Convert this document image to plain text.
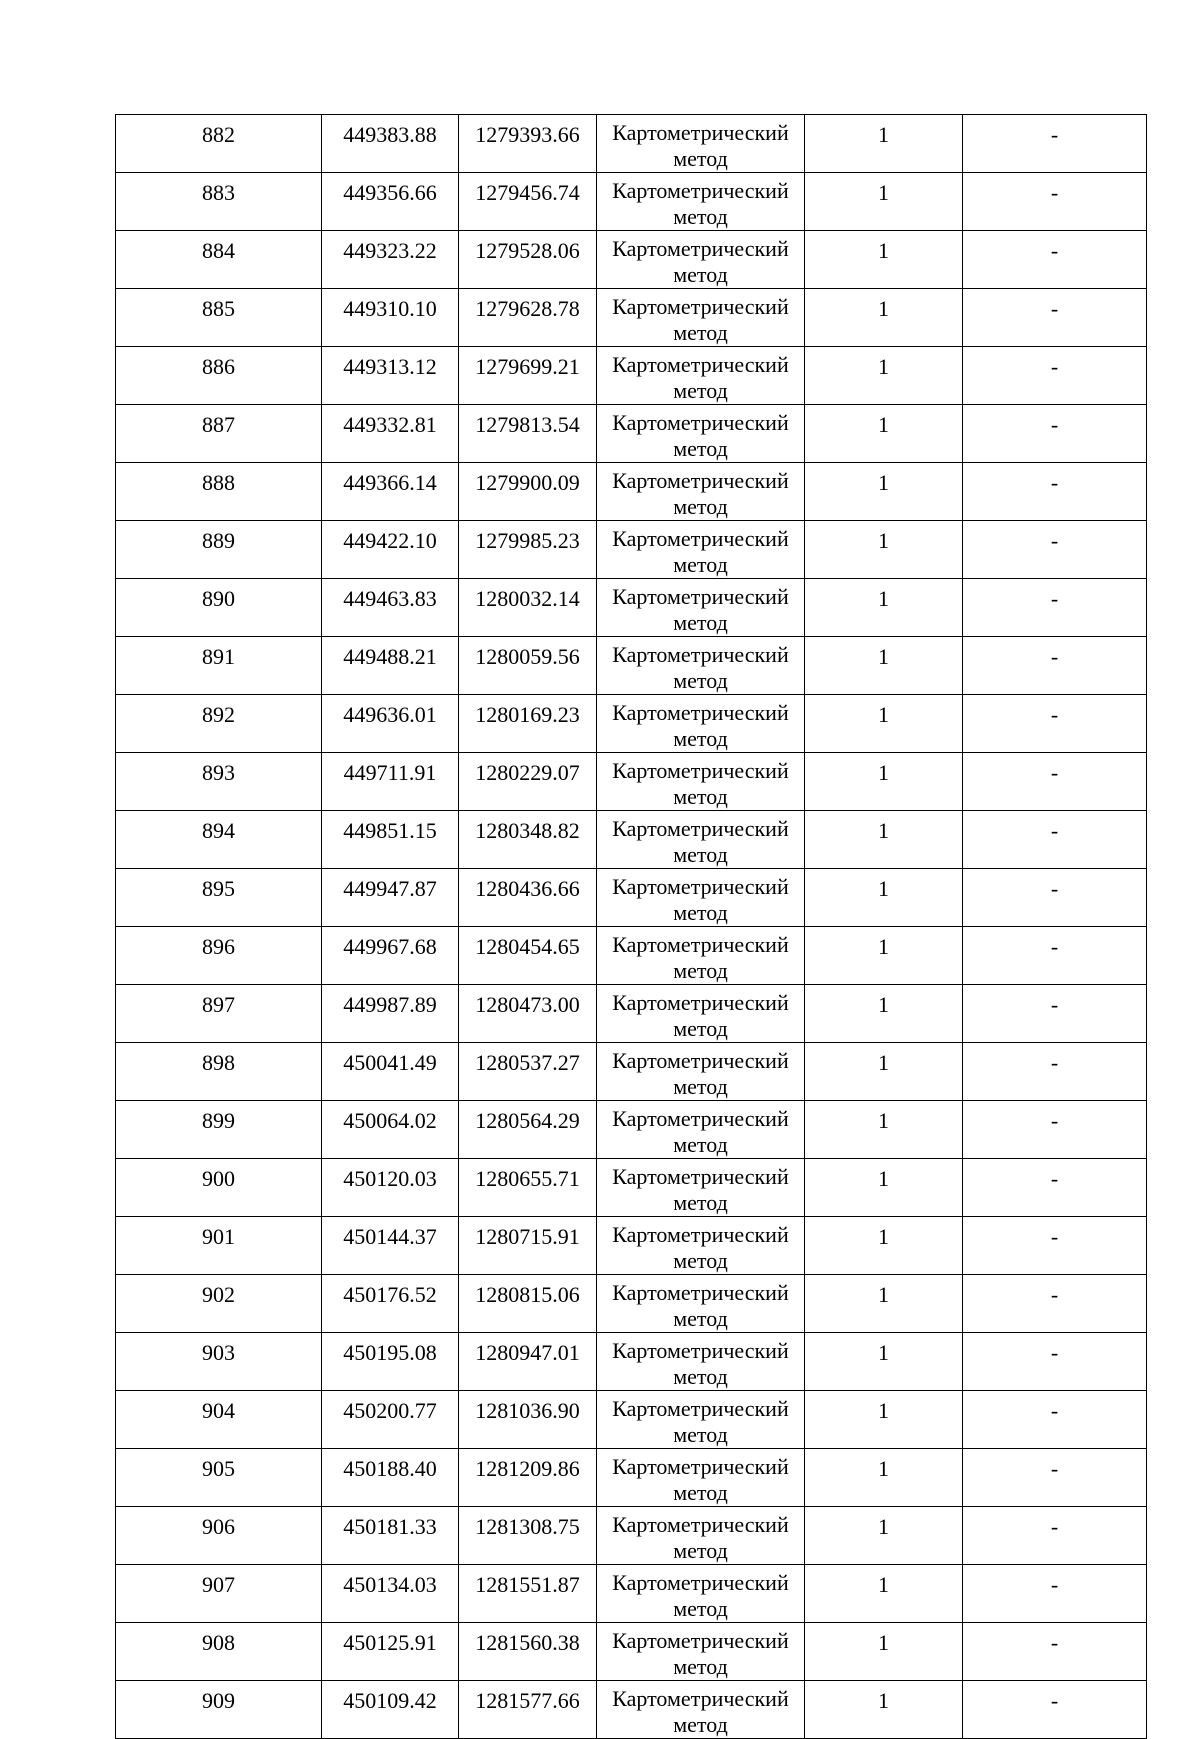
882	449383.88	1279393.66	Картометрический метод	1	-
883	449356.66	1279456.74	Картометрический метод	1	-
884	449323.22	1279528.06	Картометрический метод	1	-
885	449310.10	1279628.78	Картометрический метод	1	-
886	449313.12	1279699.21	Картометрический метод	1	-
887	449332.81	1279813.54	Картометрический метод	1	-
888	449366.14	1279900.09	Картометрический метод	1	-
889	449422.10	1279985.23	Картометрический метод	1	-
890	449463.83	1280032.14	Картометрический метод	1	-
891	449488.21	1280059.56	Картометрический метод	1	-
892	449636.01	1280169.23	Картометрический метод	1	-
893	449711.91	1280229.07	Картометрический метод	1	-
894	449851.15	1280348.82	Картометрический метод	1	-
895	449947.87	1280436.66	Картометрический метод	1	-
896	449967.68	1280454.65	Картометрический метод	1	-
897	449987.89	1280473.00	Картометрический метод	1	-
898	450041.49	1280537.27	Картометрический метод	1	-
899	450064.02	1280564.29	Картометрический метод	1	-
900	450120.03	1280655.71	Картометрический метод	1	-
901	450144.37	1280715.91	Картометрический метод	1	-
902	450176.52	1280815.06	Картометрический метод	1	-
903	450195.08	1280947.01	Картометрический метод	1	-
904	450200.77	1281036.90	Картометрический метод	1	-
905	450188.40	1281209.86	Картометрический метод	1	-
906	450181.33	1281308.75	Картометрический метод	1	-
907	450134.03	1281551.87	Картометрический метод	1	-
908	450125.91	1281560.38	Картометрический метод	1	-
909	450109.42	1281577.66	Картометрический метод	1	-
